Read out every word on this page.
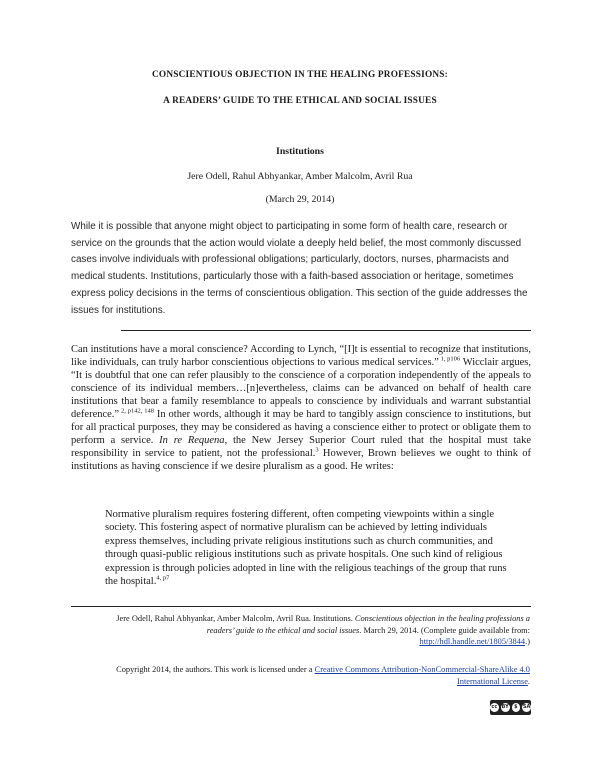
CONSCIENTIOUS OBJECTION IN THE HEALING PROFESSIONS:
A READERS’ GUIDE TO THE ETHICAL AND SOCIAL ISSUES
Institutions
Jere Odell, Rahul Abhyankar, Amber Malcolm, Avril Rua
(March 29, 2014)
While it is possible that anyone might object to participating in some form of health care, research or service on the grounds that the action would violate a deeply held belief, the most commonly discussed cases involve individuals with professional obligations; particularly, doctors, nurses, pharmacists and medical students. Institutions, particularly those with a faith-based association or heritage, sometimes express policy decisions in the terms of conscientious obligation. This section of the guide addresses the issues for institutions.
Can institutions have a moral conscience? According to Lynch, “[I]t is essential to recognize that institutions, like individuals, can truly harbor conscientious objections to various medical services.” $^{1, p106}$ Wicclair argues, “It is doubtful that one can refer plausibly to the conscience of a corporation independently of the appeals to conscience of its individual members…[n]evertheless, claims can be advanced on behalf of health care institutions that bear a family resemblance to appeals to conscience by individuals and warrant substantial deference.” $^{2, p142, 148}$ In other words, although it may be hard to tangibly assign conscience to institutions, but for all practical purposes, they may be considered as having a conscience either to protect or obligate them to perform a service. In re Requena, the New Jersey Superior Court ruled that the hospital must take responsibility in service to patient, not the professional.$^3$ However, Brown believes we ought to think of institutions as having conscience if we desire pluralism as a good. He writes:
Normative pluralism requires fostering different, often competing viewpoints within a single society. This fostering aspect of normative pluralism can be achieved by letting individuals express themselves, including private religious institutions such as church communities, and through quasi-public religious institutions such as private hospitals. One such kind of religious expression is through policies adopted in line with the religious teachings of the group that runs the hospital.$^{4, p7}$
Jere Odell, Rahul Abhyankar, Amber Malcolm, Avril Rua. Institutions. Conscientious objection in the healing professions a readers’ guide to the ethical and social issues. March 29, 2014. (Complete guide available from: http://hdl.handle.net/1805/3844.)
Copyright 2014, the authors. This work is licensed under a Creative Commons Attribution-NonCommercial-ShareAlike 4.0 International License.
cc BY	$	SA
